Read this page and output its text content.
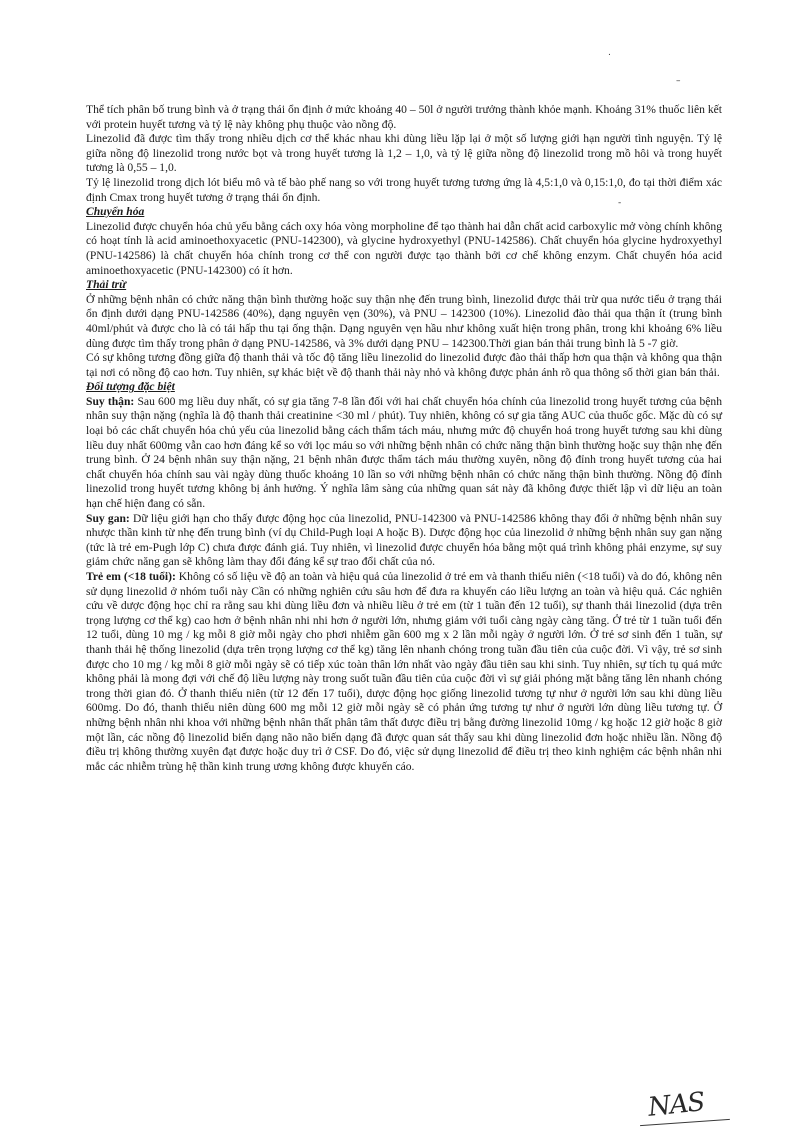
.
–
-

Thể tích phân bố trung bình và ở trạng thái ổn định ở mức khoảng 40 – 50l ở người trưởng thành khỏe mạnh. Khoảng 31% thuốc liên kết với protein huyết tương và tỷ lệ này không phụ thuộc vào nồng độ.

Linezolid đã được tìm thấy trong nhiều dịch cơ thể khác nhau khi dùng liều lặp lại ở một số lượng giới hạn người tình nguyện. Tỷ lệ giữa nồng độ linezolid trong nước bọt và trong huyết tương là 1,2 – 1,0, và tỷ lệ giữa nồng độ linezolid trong mồ hôi và trong huyết tương là 0,55 – 1,0.

Tỷ lệ linezolid trong dịch lót biểu mô và tế bào phế nang so với trong huyết tương tương ứng là 4,5:1,0 và 0,15:1,0, đo tại thời điểm xác định Cmax trong huyết tương ở trạng thái ổn định.

Chuyển hóa

Linezolid được chuyển hóa chủ yếu bằng cách oxy hóa vòng morpholine để tạo thành hai dẫn chất acid carboxylic mở vòng chính không có hoạt tính là acid aminoethoxyacetic (PNU-142300), và glycine hydroxyethyl (PNU-142586). Chất chuyển hóa glycine hydroxyethyl (PNU-142586) là chất chuyển hóa chính trong cơ thể con người được tạo thành bởi cơ chế không enzym. Chất chuyển hóa acid aminoethoxyacetic (PNU-142300) có ít hơn.

Thải trừ

Ở những bệnh nhân có chức năng thận bình thường hoặc suy thận nhẹ đến trung bình, linezolid được thải trừ qua nước tiểu ở trạng thái ổn định dưới dạng PNU-142586 (40%), dạng nguyên vẹn (30%), và PNU – 142300 (10%). Linezolid đào thải qua thận ít (trung bình 40ml/phút và được cho là có tái hấp thu tại ống thận. Dạng nguyên vẹn hầu như không xuất hiện trong phân, trong khi khoảng 6% liều dùng được tìm thấy trong phân ở dạng PNU-142586, và 3% dưới dạng PNU – 142300.Thời gian bán thải trung bình là 5 -7 giờ.

Có sự không tương đồng giữa độ thanh thải và tốc độ tăng liều linezolid do linezolid được đào thải thấp hơn qua thận và không qua thận tại nơi có nồng độ cao hơn. Tuy nhiên, sự khác biệt về độ thanh thải này nhỏ và không được phản ánh rõ qua thông số thời gian bán thải.

Đối tượng đặc biệt

Suy thận: Sau 600 mg liều duy nhất, có sự gia tăng 7-8 lần đối với hai chất chuyển hóa chính của linezolid trong huyết tương của bệnh nhân suy thận nặng (nghĩa là độ thanh thải creatinine <30 ml / phút). Tuy nhiên, không có sự gia tăng AUC của thuốc gốc. Mặc dù có sự loại bỏ các chất chuyển hóa chủ yếu của linezolid bằng cách thẩm tách máu, nhưng mức độ chuyển hoá trong huyết tương sau khi dùng liều duy nhất 600mg vẫn cao hơn đáng kể so với lọc máu so với những bệnh nhân có chức năng thận bình thường hoặc suy thận nhẹ đến trung bình. Ở 24 bệnh nhân suy thận nặng, 21 bệnh nhân được thẩm tách máu thường xuyên, nồng độ đỉnh trong huyết tương của hai chất chuyển hóa chính sau vài ngày dùng thuốc khoảng 10 lần so với những bệnh nhân có chức năng thận bình thường. Nồng độ đỉnh linezolid trong huyết tương không bị ảnh hưởng. Ý nghĩa lâm sàng của những quan sát này đã không được thiết lập vì dữ liệu an toàn hạn chế hiện đang có sẵn.

Suy gan: Dữ liệu giới hạn cho thấy được động học của linezolid, PNU-142300 và PNU-142586 không thay đổi ở những bệnh nhân suy nhược thần kinh từ nhẹ đến trung bình (ví dụ Child-Pugh loại A hoặc B). Dược động học của linezolid ở những bệnh nhân suy gan nặng (tức là trẻ em-Pugh lớp C) chưa được đánh giá. Tuy nhiên, vì linezolid được chuyển hóa bằng một quá trình không phải enzyme, sự suy giảm chức năng gan sẽ không làm thay đổi đáng kể sự trao đổi chất của nó.

Trẻ em (<18 tuổi): Không có số liệu về độ an toàn và hiệu quả của linezolid ở trẻ em và thanh thiếu niên (<18 tuổi) và do đó, không nên sử dụng linezolid ở nhóm tuổi này Cần có những nghiên cứu sâu hơn để đưa ra khuyến cáo liều lượng an toàn và hiệu quả. Các nghiên cứu về dược động học chỉ ra rằng sau khi dùng liều đơn và nhiều liều ở trẻ em (từ 1 tuần đến 12 tuổi), sự thanh thải linezolid (dựa trên trọng lượng cơ thể kg) cao hơn ở bệnh nhân nhi nhi hơn ở người lớn, nhưng giảm với tuổi càng ngày càng tăng. Ở trẻ từ 1 tuần tuổi đến 12 tuổi, dùng 10 mg / kg mỗi 8 giờ mỗi ngày cho phơi nhiễm gần 600 mg x 2 lần mỗi ngày ở người lớn. Ở trẻ sơ sinh đến 1 tuần, sự thanh thải hệ thống linezolid (dựa trên trọng lượng cơ thể kg) tăng lên nhanh chóng trong tuần đầu tiên của cuộc đời. Vì vậy, trẻ sơ sinh được cho 10 mg / kg mỗi 8 giờ mỗi ngày sẽ có tiếp xúc toàn thân lớn nhất vào ngày đầu tiên sau khi sinh. Tuy nhiên, sự tích tụ quá mức không phải là mong đợi với chế độ liều lượng này trong suốt tuần đầu tiên của cuộc đời vì sự giải phóng mặt bằng tăng lên nhanh chóng trong thời gian đó. Ở thanh thiếu niên (từ 12 đến 17 tuổi), dược động học giống linezolid tương tự như ở người lớn sau khi dùng liều 600mg. Do đó, thanh thiếu niên dùng 600 mg mỗi 12 giờ mỗi ngày sẽ có phản ứng tương tự như ở người lớn dùng liều tương tự. Ở những bệnh nhân nhi khoa với những bệnh nhân thất phân tâm thất được điều trị bằng đường linezolid 10mg / kg hoặc 12 giờ hoặc 8 giờ một lần, các nồng độ linezolid biến dạng não não biến dạng đã được quan sát thấy sau khi dùng linezolid đơn hoặc nhiều lần. Nồng độ điều trị không thường xuyên đạt được hoặc duy trì ở CSF. Do đó, việc sử dụng linezolid để điều trị theo kinh nghiệm các bệnh nhân nhi mắc các nhiễm trùng hệ thần kinh trung ương không được khuyến cáo.

NAS
